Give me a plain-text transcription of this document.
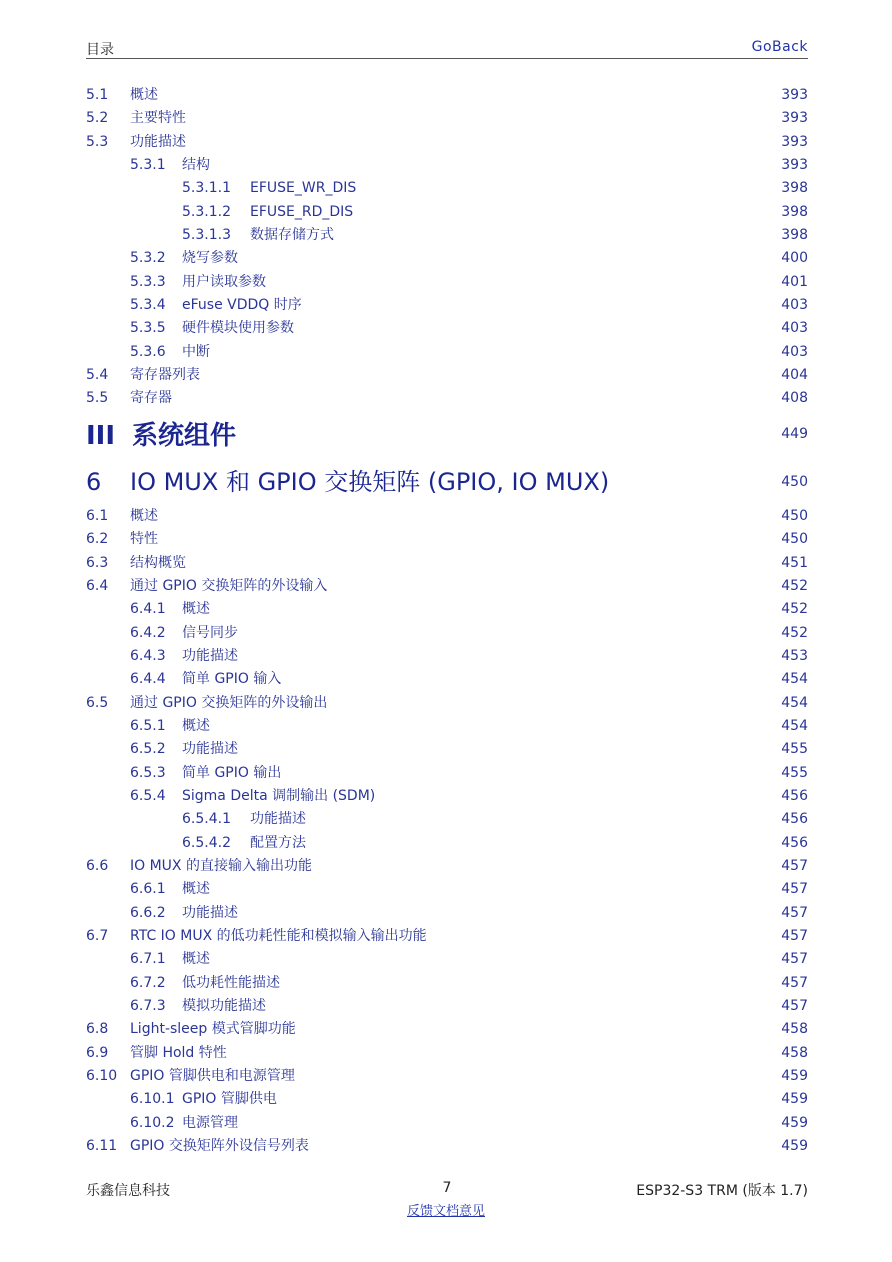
目录	GoBack
5.1 概述	393
5.2 主要特性	393
5.3 功能描述	393
5.3.1 结构	393
5.3.1.1 EFUSE_WR_DIS	398
5.3.1.2 EFUSE_RD_DIS	398
5.3.1.3 数据存储方式	398
5.3.2 烧写参数	400
5.3.3 用户读取参数	401
5.3.4 eFuse VDDQ 时序	403
5.3.5 硬件模块使用参数	403
5.3.6 中断	403
5.4 寄存器列表	404
5.5 寄存器	408
III 系统组件	449
6 IO MUX 和 GPIO 交换矩阵 (GPIO, IO MUX)	450
6.1 概述	450
6.2 特性	450
6.3 结构概览	451
6.4 通过 GPIO 交换矩阵的外设输入	452
6.4.1 概述	452
6.4.2 信号同步	452
6.4.3 功能描述	453
6.4.4 简单 GPIO 输入	454
6.5 通过 GPIO 交换矩阵的外设输出	454
6.5.1 概述	454
6.5.2 功能描述	455
6.5.3 简单 GPIO 输出	455
6.5.4 Sigma Delta 调制输出 (SDM)	456
6.5.4.1 功能描述	456
6.5.4.2 配置方法	456
6.6 IO MUX 的直接输入输出功能	457
6.6.1 概述	457
6.6.2 功能描述	457
6.7 RTC IO MUX 的低功耗性能和模拟输入输出功能	457
6.7.1 概述	457
6.7.2 低功耗性能描述	457
6.7.3 模拟功能描述	457
6.8 Light-sleep 模式管脚功能	458
6.9 管脚 Hold 特性	458
6.10 GPIO 管脚供电和电源管理	459
6.10.1 GPIO 管脚供电	459
6.10.2 电源管理	459
6.11 GPIO 交换矩阵外设信号列表	459
乐鑫信息科技	7	ESP32-S3 TRM (版本 1.7)
反馈文档意见
